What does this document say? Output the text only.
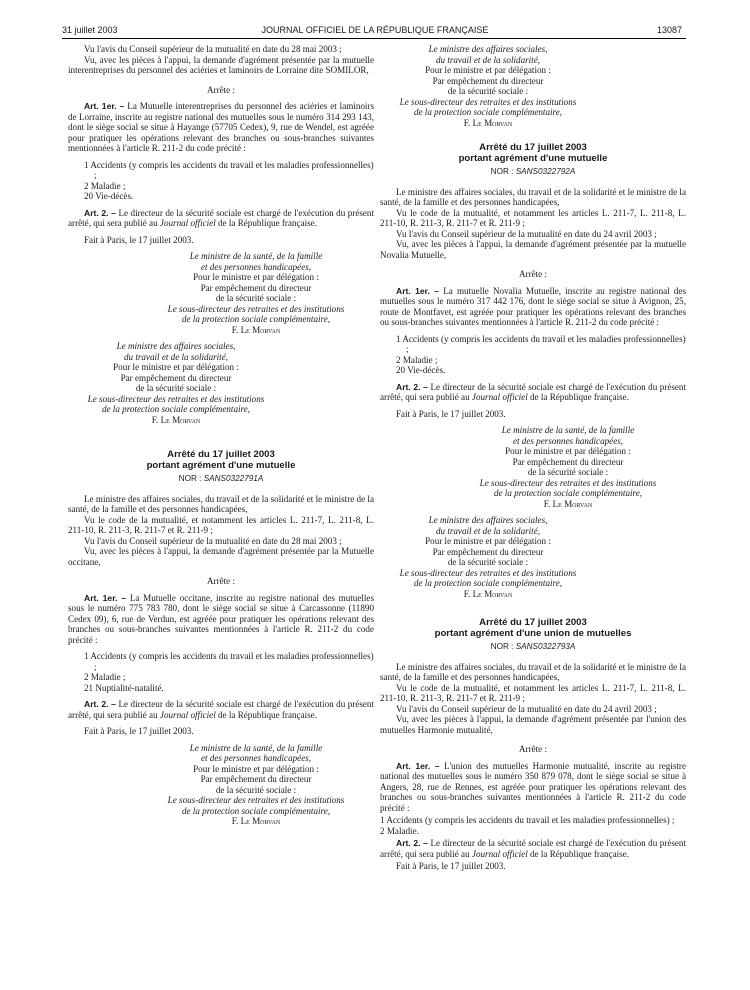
31 juillet 2003	JOURNAL OFFICIEL DE LA RÉPUBLIQUE FRANÇAISE	13087

Vu l'avis du Conseil supérieur de la mutualité en date du 28 mai 2003 ;

Vu, avec les pièces à l'appui, la demande d'agrément présentée par la mutuelle interentreprises du personnel des aciéries et laminoirs de Lorraine dite SOMILOR,

Arrête :

Art. 1er. – La Mutuelle interentreprises du personnel des aciéries et laminoirs de Lorraine, inscrite au registre national des mutuelles sous le numéro 314 293 143, dont le siège social se situe à Hayange (57705 Cedex), 9, rue de Wendel, est agréée pour pratiquer les opérations relevant des branches ou sous-branches suivantes mentionnées à l'article R. 211-2 du code précité :

1 Accidents (y compris les accidents du travail et les maladies professionnelles) ;

2 Maladie ;

20 Vie-décès.

Art. 2. – Le directeur de la sécurité sociale est chargé de l'exécution du présent arrêté, qui sera publié au Journal officiel de la République française.

Fait à Paris, le 17 juillet 2003.

Le ministre de la santé, de la famille

et des personnes handicapées,

Pour le ministre et par délégation :

Par empêchement du directeur

de la sécurité sociale :

Le sous-directeur des retraites et des institutions

de la protection sociale complémentaire,

F. Le Morvan

Le ministre des affaires sociales,

du travail et de la solidarité,

Pour le ministre et par délégation :

Par empêchement du directeur

de la sécurité sociale :

Le sous-directeur des retraites et des institutions

de la protection sociale complémentaire,

F. Le Morvan

Arrêté du 17 juillet 2003

portant agrément d'une mutuelle

NOR : SANS0322791A

Le ministre des affaires sociales, du travail et de la solidarité et le ministre de la santé, de la famille et des personnes handicapées,

Vu le code de la mutualité, et notamment les articles L. 211-7, L. 211-8, L. 211-10, R. 211-3, R. 211-7 et R. 211-9 ;

Vu l'avis du Conseil supérieur de la mutualité en date du 28 mai 2003 ;

Vu, avec les pièces à l'appui, la demande d'agrément présentée par la Mutuelle occitane,

Arrête :

Art. 1er. – La Mutuelle occitane, inscrite au registre national des mutuelles sous le numéro 775 783 780, dont le siège social se situe à Carcassonne (11890 Cedex 09), 6, rue de Verdun, est agréée pour pratiquer les opérations relevant des branches ou sous-branches suivantes mentionnées à l'article R. 211-2 du code précité :

1 Accidents (y compris les accidents du travail et les maladies professionnelles) ;

2 Maladie ;

21 Nuptialité-natalité.

Art. 2. – Le directeur de la sécurité sociale est chargé de l'exécution du présent arrêté, qui sera publié au Journal officiel de la République française.

Fait à Paris, le 17 juillet 2003.

Le ministre de la santé, de la famille

et des personnes handicapées,

Pour le ministre et par délégation :

Par empêchement du directeur

de la sécurité sociale :

Le sous-directeur des retraites et des institutions

de la protection sociale complémentaire,

F. Le Morvan

Le ministre des affaires sociales,

du travail et de la solidarité,

Pour le ministre et par délégation :

Par empêchement du directeur

de la sécurité sociale :

Le sous-directeur des retraites et des institutions

de la protection sociale complémentaire,

F. Le Morvan

Arrêté du 17 juillet 2003

portant agrément d'une mutuelle

NOR : SANS0322792A

Le ministre des affaires sociales, du travail et de la solidarité et le ministre de la santé, de la famille et des personnes handicapées,

Vu le code de la mutualité, et notamment les articles L. 211-7, L. 211-8, L. 211-10, R. 211-3, R. 211-7 et R. 211-9 ;

Vu l'avis du Conseil supérieur de la mutualité en date du 24 avril 2003 ;

Vu, avec les pièces à l'appui, la demande d'agrément présentée par la mutuelle Novalia Mutuelle,

Arrête :

Art. 1er. – La mutuelle Novalia Mutuelle, inscrite au registre national des mutuelles sous le numéro 317 442 176, dont le siège social se situe à Avignon, 25, route de Montfavet, est agréée pour pratiquer les opérations relevant des branches ou sous-branches suivantes mentionnées à l'article R. 211-2 du code précité :

1 Accidents (y compris les accidents du travail et les maladies professionnelles) ;

2 Maladie ;

20 Vie-décès.

Art. 2. – Le directeur de la sécurité sociale est chargé de l'exécution du présent arrêté, qui sera publié au Journal officiel de la République française.

Fait à Paris, le 17 juillet 2003.

Le ministre de la santé, de la famille

et des personnes handicapées,

Pour le ministre et par délégation :

Par empêchement du directeur

de la sécurité sociale :

Le sous-directeur des retraites et des institutions

de la protection sociale complémentaire,

F. Le Morvan

Le ministre des affaires sociales,

du travail et de la solidarité,

Pour le ministre et par délégation :

Par empêchement du directeur

de la sécurité sociale :

Le sous-directeur des retraites et des institutions

de la protection sociale complémentaire,

F. Le Morvan

Arrêté du 17 juillet 2003

portant agrément d'une union de mutuelles

NOR : SANS0322793A

Le ministre des affaires sociales, du travail et de la solidarité et le ministre de la santé, de la famille et des personnes handicapées,

Vu le code de la mutualité, et notamment les articles L. 211-7, L. 211-8, L. 211-10, R. 211-3, R. 211-7 et R. 211-9 ;

Vu l'avis du Conseil supérieur de la mutualité en date du 24 avril 2003 ;

Vu, avec les pièces à l'appui, la demande d'agrément présentée par l'union des mutuelles Harmonie mutualité,

Arrête :

Art. 1er. – L'union des mutuelles Harmonie mutualité, inscrite au registre national des mutuelles sous le numéro 350 879 078, dont le siège social se situe à Angers, 28, rue de Rennes, est agréée pour pratiquer les opérations relevant des branches ou sous-branches suivantes mentionnées à l'article R. 211-2 du code précité :

1 Accidents (y compris les accidents du travail et les maladies professionnelles) ;

2 Maladie.

Art. 2. – Le directeur de la sécurité sociale est chargé de l'exécution du présent arrêté, qui sera publié au Journal officiel de la République française.

Fait à Paris, le 17 juillet 2003.
